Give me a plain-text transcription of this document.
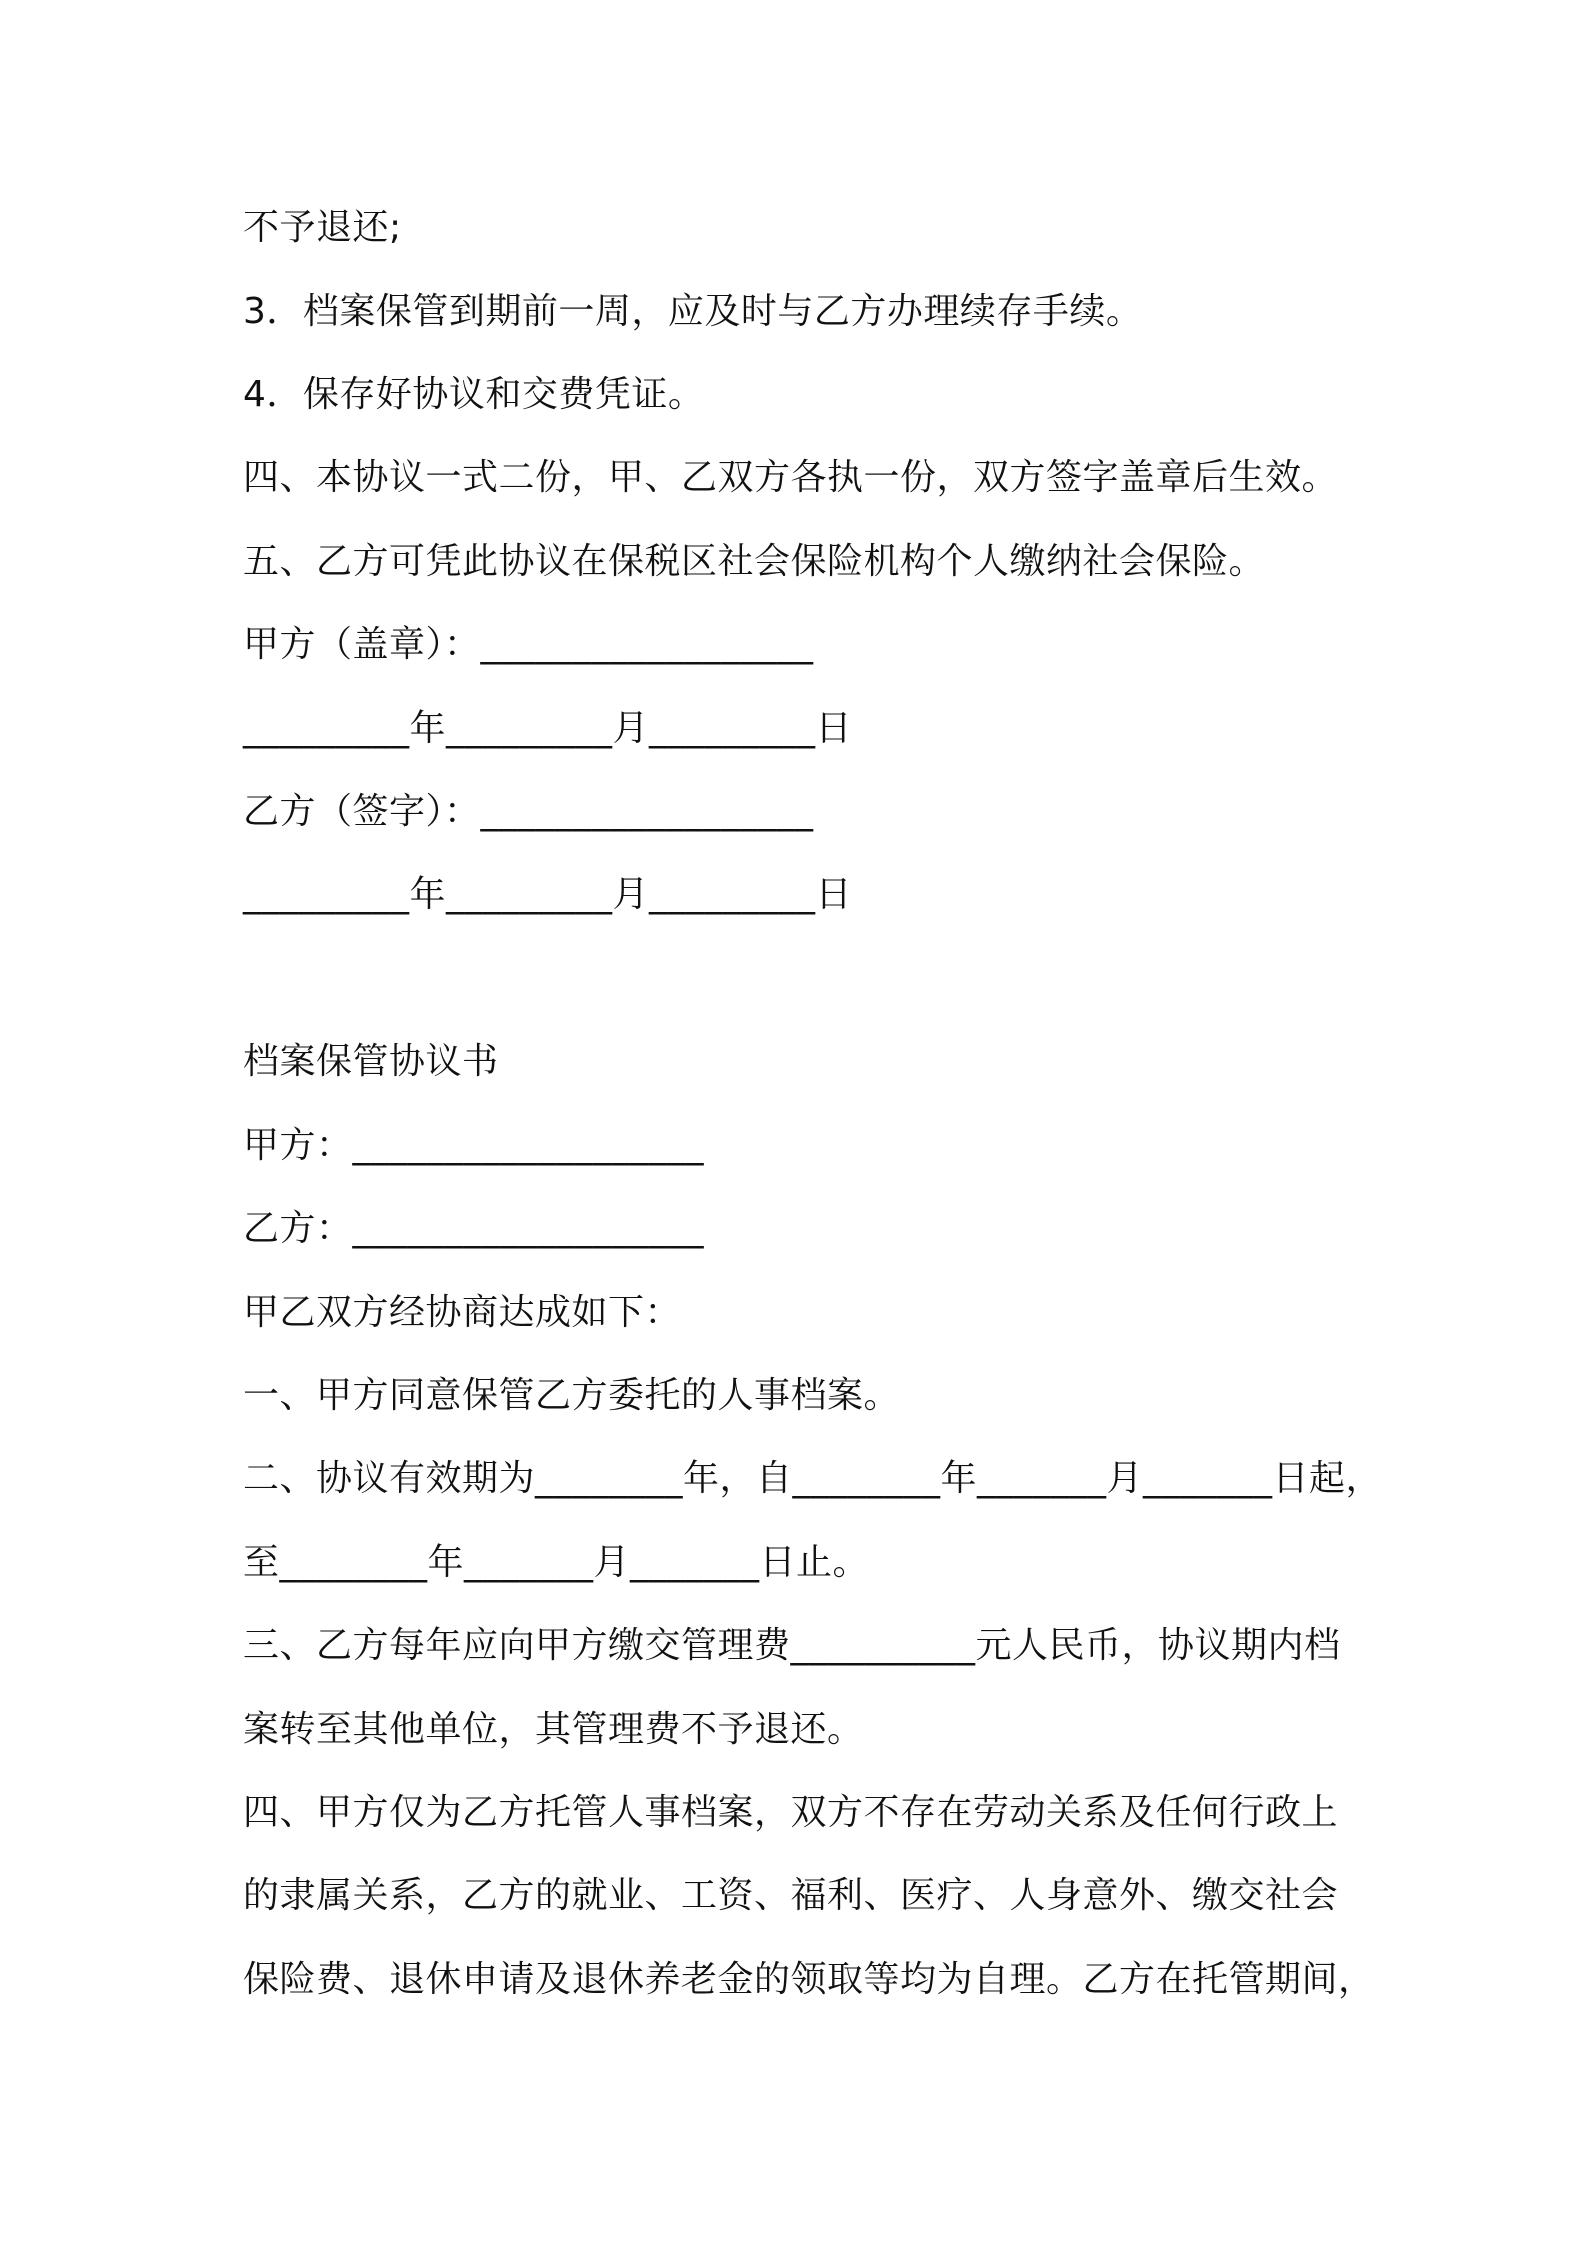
不予退还;
3．档案保管到期前一周，应及时与乙方办理续存手续。
4．保存好协议和交费凭证。
四、本协议一式二份，甲、乙双方各执一份，双方签字盖章后生效。
五、乙方可凭此协议在保税区社会保险机构个人缴纳社会保险。
甲方（盖章）：__________________
_________年_________月_________日
乙方（签字）：__________________
_________年_________月_________日
档案保管协议书
甲方：___________________
乙方：___________________
甲乙双方经协商达成如下：
一、甲方同意保管乙方委托的人事档案。
二、协议有效期为________年，自________年_______月_______日起，
至________年_______月_______日止。
三、乙方每年应向甲方缴交管理费__________元人民币，协议期内档
案转至其他单位，其管理费不予退还。
四、甲方仅为乙方托管人事档案，双方不存在劳动关系及任何行政上
的隶属关系，乙方的就业、工资、福利、医疗、人身意外、缴交社会
保险费、退休申请及退休养老金的领取等均为自理。乙方在托管期间，
